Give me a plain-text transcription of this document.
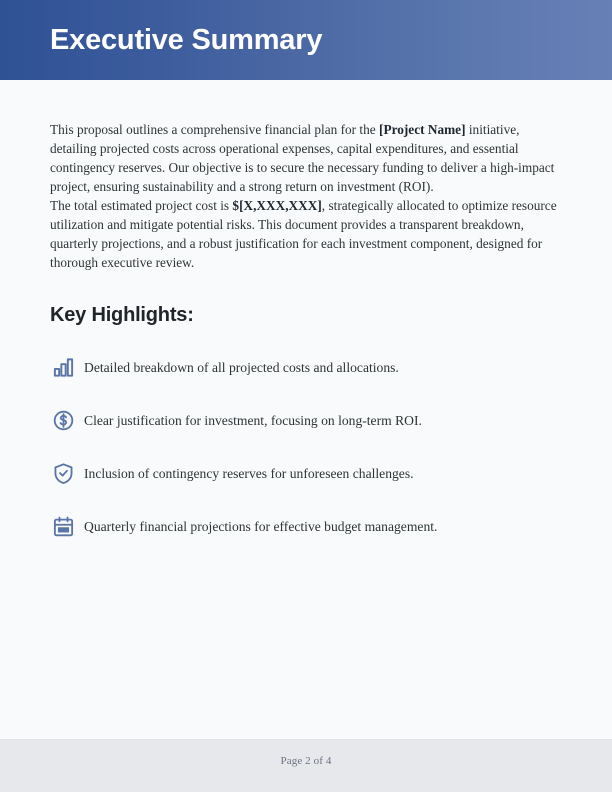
Executive Summary

This proposal outlines a comprehensive financial plan for the [Project Name] initiative, detailing projected costs across operational expenses, capital expenditures, and essential contingency reserves. Our objective is to secure the necessary funding to deliver a high-impact project, ensuring sustainability and a strong return on investment (ROI).

The total estimated project cost is $[X,XXX,XXX], strategically allocated to optimize resource utilization and mitigate potential risks. This document provides a transparent breakdown, quarterly projections, and a robust justification for each investment component, designed for thorough executive review.

Key Highlights:
Detailed breakdown of all projected costs and allocations.
Clear justification for investment, focusing on long-term ROI.
Inclusion of contingency reserves for unforeseen challenges.
Quarterly financial projections for effective budget management.
Page 2 of 4
